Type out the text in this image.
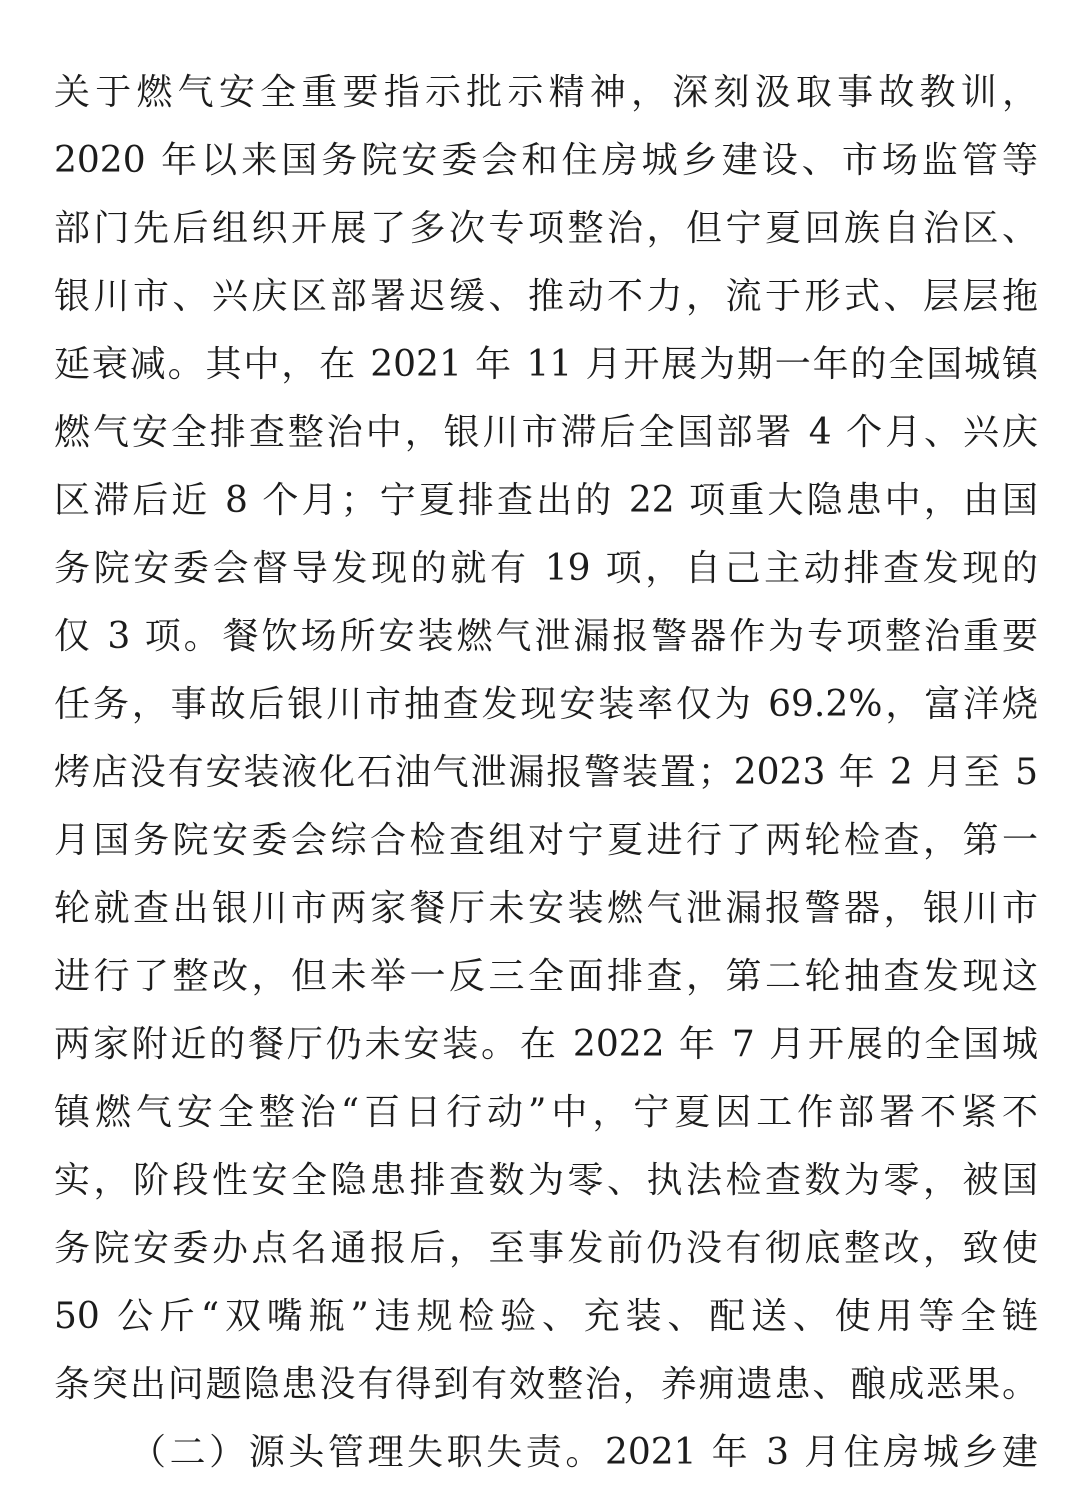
关于燃气安全重要指示批示精神，深刻汲取事故教训，
2020 年以来国务院安委会和住房城乡建设、市场监管等
部门先后组织开展了多次专项整治，但宁夏回族自治区、
银川市、兴庆区部署迟缓、推动不力，流于形式、层层拖
延衰减。其中，在 2021 年 11 月开展为期一年的全国城镇
燃气安全排查整治中，银川市滞后全国部署 4 个月、兴庆
区滞后近 8 个月；宁夏排查出的 22 项重大隐患中，由国
务院安委会督导发现的就有 19 项，自己主动排查发现的
仅 3 项。餐饮场所安装燃气泄漏报警器作为专项整治重要
任务，事故后银川市抽查发现安装率仅为 69.2%，富洋烧
烤店没有安装液化石油气泄漏报警装置；2023 年 2 月至 5
月国务院安委会综合检查组对宁夏进行了两轮检查，第一
轮就查出银川市两家餐厅未安装燃气泄漏报警器，银川市
进行了整改，但未举一反三全面排查，第二轮抽查发现这
两家附近的餐厅仍未安装。在 2022 年 7 月开展的全国城
镇燃气安全整治“百日行动”中，宁夏因工作部署不紧不
实，阶段性安全隐患排查数为零、执法检查数为零，被国
务院安委办点名通报后，至事发前仍没有彻底整改，致使
50 公斤“双嘴瓶”违规检验、充装、配送、使用等全链
条突出问题隐患没有得到有效整治，养痈遗患、酿成恶果。
（二）源头管理失职失责。2021 年 3 月住房城乡建
